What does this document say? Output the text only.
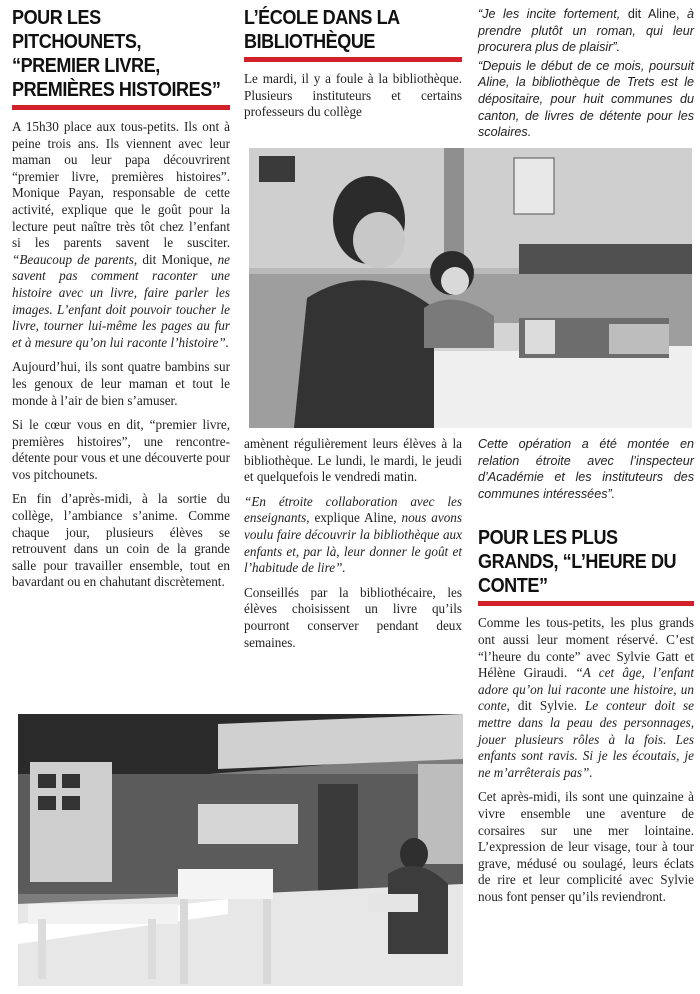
POUR LES PITCHOUNETS, “PREMIER LIVRE, PREMIÈRES HISTOIRES”

A 15h30 place aux tous-petits. Ils ont à peine trois ans. Ils viennent avec leur maman ou leur papa découvrirent “premier livre, premières histoires”. Monique Payan, responsable de cette activité, explique que le goût pour la lecture peut naître très tôt chez l’enfant si les parents savent le susciter. “Beaucoup de parents, dit Monique, ne savent pas comment raconter une histoire avec un livre, faire parler les images. L’enfant doit pouvoir toucher le livre, tourner lui-même les pages au fur et à mesure qu’on lui raconte l’histoire”.

Aujourd’hui, ils sont quatre bambins sur les genoux de leur maman et tout le monde à l’air de bien s’amuser.

Si le cœur vous en dit, “premier livre, premières histoires”, une rencontre-détente pour vous et une découverte pour vos pitchounets.

En fin d’après-midi, à la sortie du collège, l’ambiance s’anime. Comme chaque jour, plusieurs élèves se retrouvent dans un coin de la grande salle pour travailler ensemble, tout en bavardant ou en chahutant discrètement.

L’ÉCOLE DANS LA BIBLIOTHÈQUE

Le mardi, il y a foule à la bibliothèque. Plusieurs instituteurs et certains professeurs du collège

amènent régulièrement leurs élèves à la bibliothèque. Le lundi, le mardi, le jeudi et quelquefois le vendredi matin.

“En étroite collaboration avec les enseignants, explique Aline, nous avons voulu faire découvrir la bibliothèque aux enfants et, par là, leur donner le goût et l’habitude de lire”.

Conseillés par la bibliothécaire, les élèves choisissent un livre qu’ils pourront conserver pendant deux semaines.

“Je les incite fortement, dit Aline, à prendre plutôt un roman, qui leur procurera plus de plaisir”.

“Depuis le début de ce mois, poursuit Aline, la bibliothèque de Trets est le dépositaire, pour huit communes du canton, de livres de détente pour les scolaires.

Cette opération a été montée en relation étroite avec l’inspecteur d’Académie et les instituteurs des communes intéressées”.

POUR LES PLUS GRANDS, “L’HEURE DU CONTE”

Comme les tous-petits, les plus grands ont aussi leur moment réservé. C’est “l’heure du conte” avec Sylvie Gatt et Hélène Giraudi. “A cet âge, l’enfant adore qu’on lui raconte une histoire, un conte, dit Sylvie. Le conteur doit se mettre dans la peau des personnages, jouer plusieurs rôles à la fois. Les enfants sont ravis. Si je les écoutais, je ne m’arrêterais pas”.

Cet après-midi, ils sont une quinzaine à vivre ensemble une aventure de corsaires sur une mer lointaine. L’expression de leur visage, tour à tour grave, médusé ou soulagé, leurs éclats de rire et leur complicité avec Sylvie nous font penser qu’ils reviendront.
